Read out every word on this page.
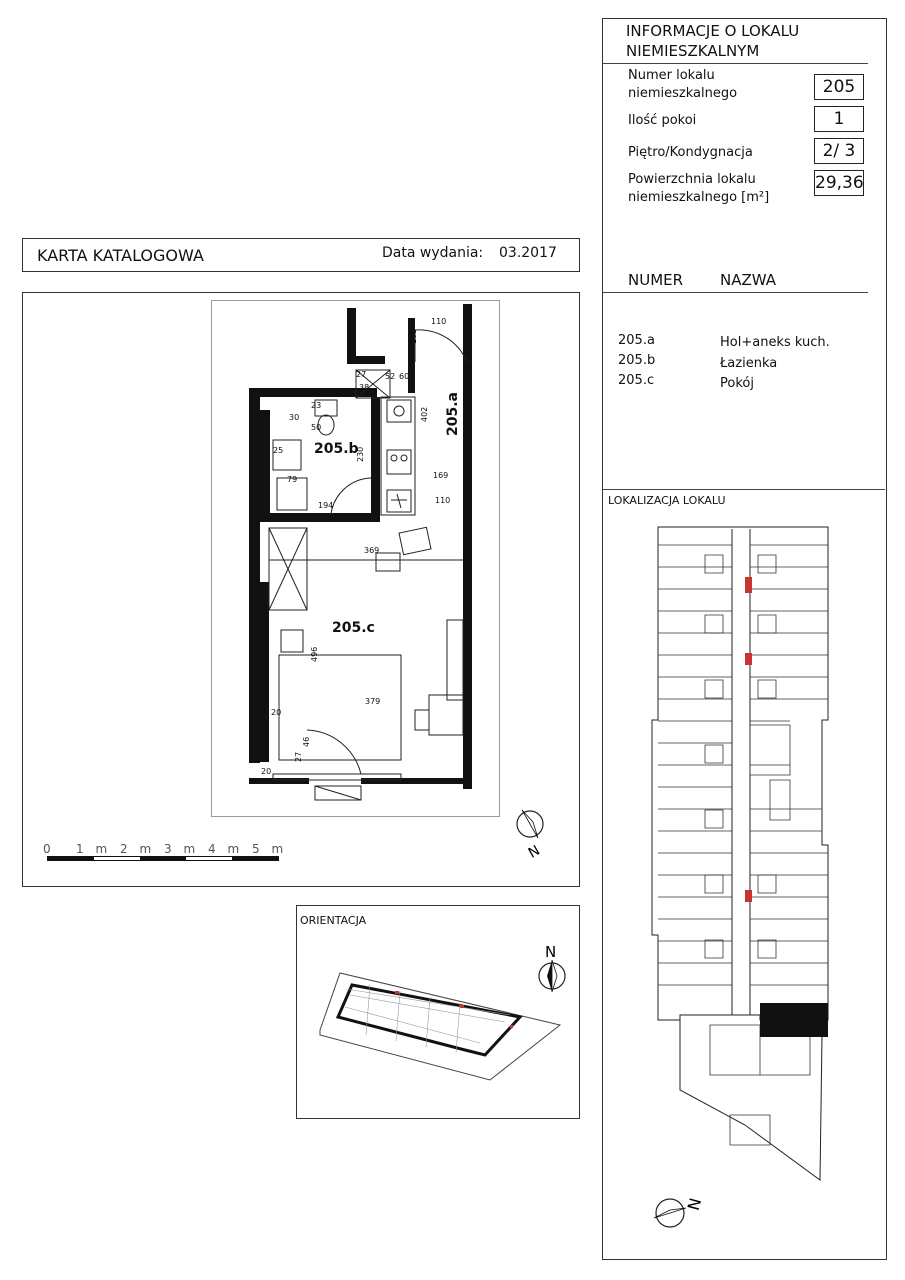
INFORMACJE O LOKALU
NIEMIESZKALNYM
Numer lokalu
niemieszkalnego	205
Ilość pokoi	1
Piętro/Kondygnacja	2/ 3
Powierzchnia lokalu
niemieszkalnego [m²]
29,36
NUMER NAZWA
205.a	Hol+aneks kuch.
205.b	Łazienka
205.c	Pokój
LOKALIZACJA LOKALU
N
KARTA KATALOGOWA	Data wydania: 03.2017
110
103
27 52 60
38
23
45
30
50
402
230
25
169
79
194
110
369
496
379
20
27
46
20
205.a
205.b
205.c
N
0 1 m 2 m 3 m 4 m 5 m
ORIENTACJA
N
